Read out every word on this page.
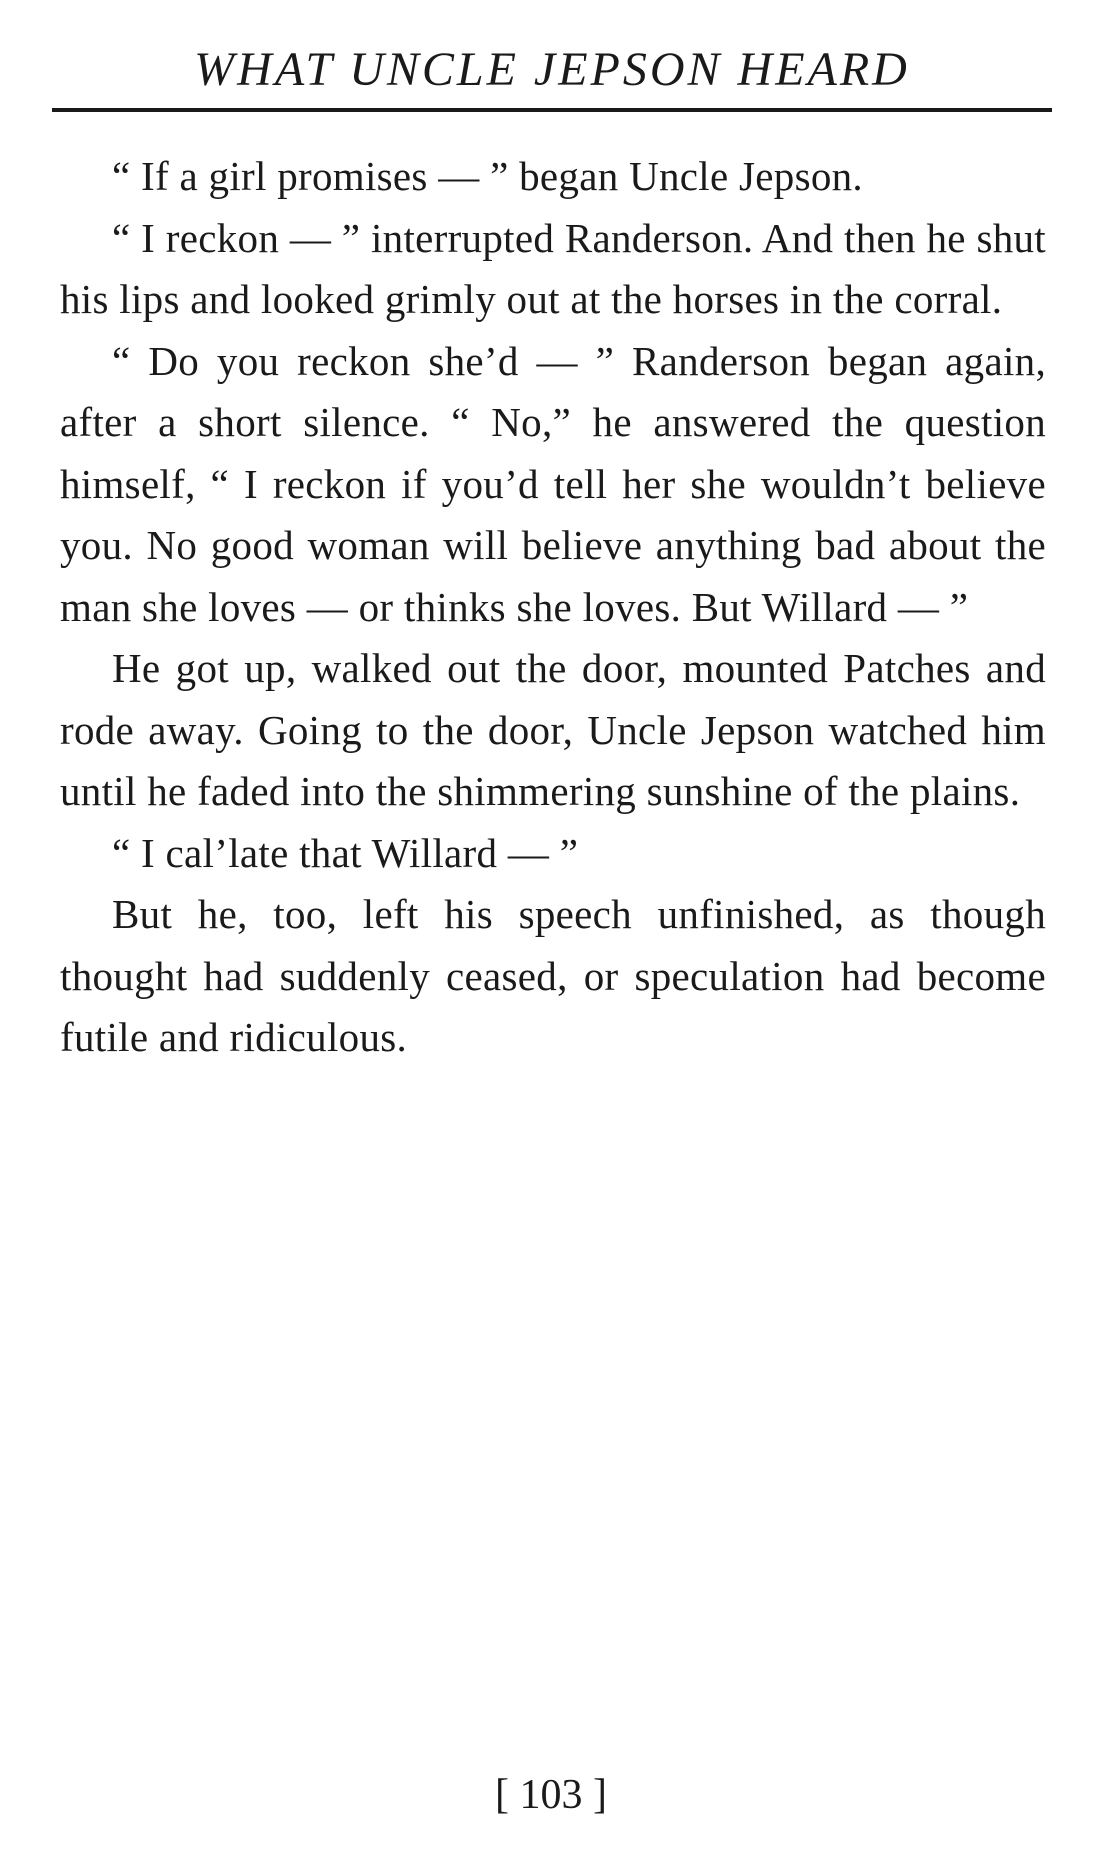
WHAT UNCLE JEPSON HEARD

“ If a girl promises — ” began Uncle Jepson.

“ I reckon — ” interrupted Randerson. And then he shut his lips and looked grimly out at the horses in the corral.

“ Do you reckon she’d — ” Randerson began again, after a short silence. “ No,” he answered the question himself, “ I reckon if you’d tell her she wouldn’t believe you. No good woman will believe anything bad about the man she loves — or thinks she loves. But Willard — ”

He got up, walked out the door, mounted Patches and rode away. Going to the door, Uncle Jepson watched him until he faded into the shimmering sunshine of the plains.

“ I cal’late that Willard — ”

But he, too, left his speech unfinished, as though thought had suddenly ceased, or speculation had become futile and ridiculous.

[ 103 ]
